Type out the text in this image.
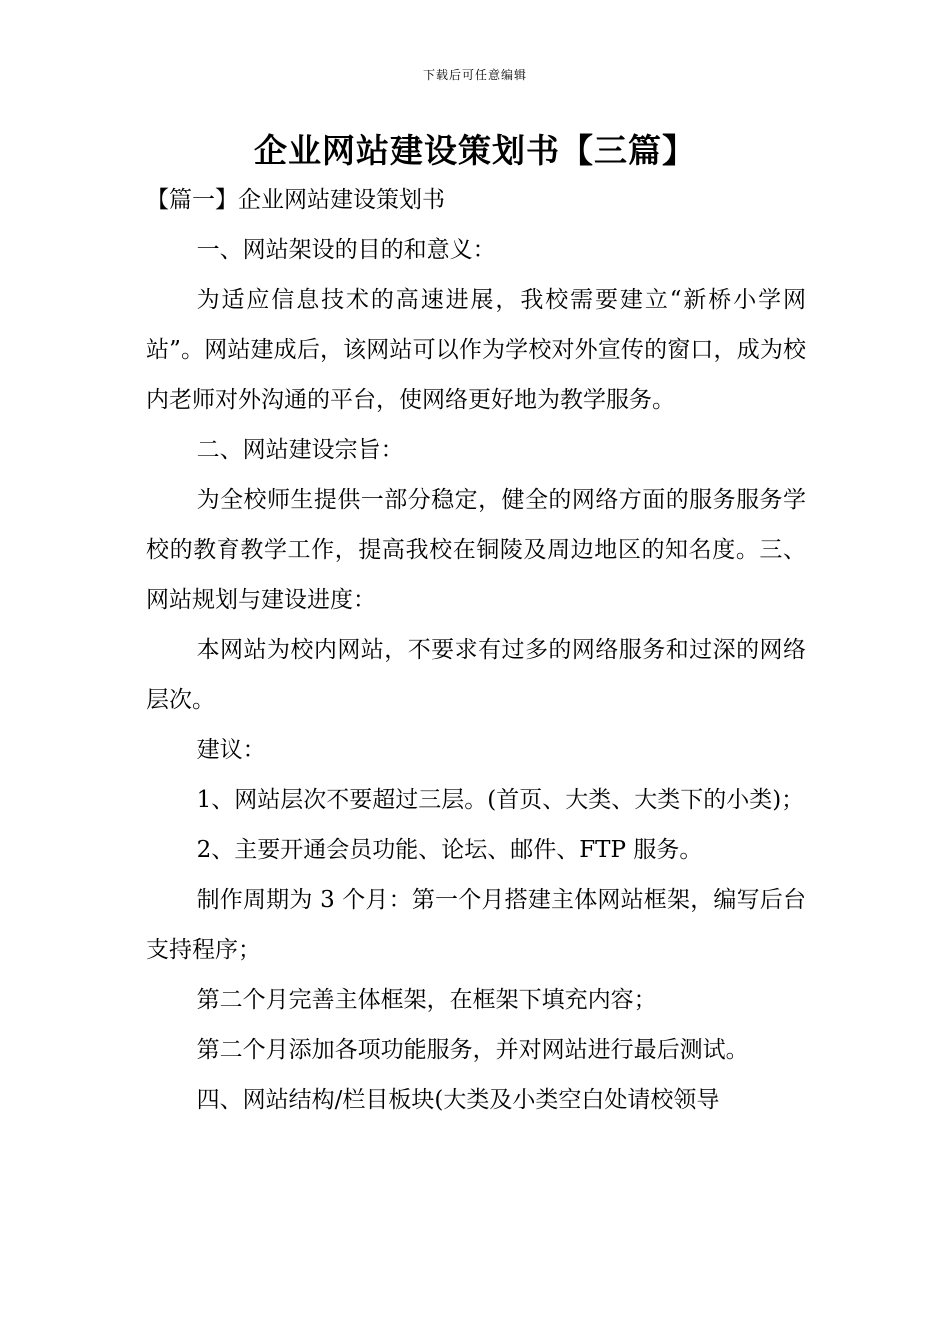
下载后可任意编辑
企业网站建设策划书【三篇】

【篇一】企业网站建设策划书

一、网站架设的目的和意义：

为适应信息技术的高速进展，我校需要建立“新桥小学网站”。网站建成后，该网站可以作为学校对外宣传的窗口，成为校内老师对外沟通的平台，使网络更好地为教学服务。

二、网站建设宗旨：

为全校师生提供一部分稳定，健全的网络方面的服务服务学校的教育教学工作，提高我校在铜陵及周边地区的知名度。三、网站规划与建设进度：

本网站为校内网站，不要求有过多的网络服务和过深的网络层次。

建议：

1、网站层次不要超过三层。(首页、大类、大类下的小类)；

2、主要开通会员功能、论坛、邮件、FTP 服务。

制作周期为 3 个月：第一个月搭建主体网站框架，编写后台支持程序；

第二个月完善主体框架，在框架下填充内容；

第二个月添加各项功能服务，并对网站进行最后测试。

四、网站结构/栏目板块(大类及小类空白处请校领导
